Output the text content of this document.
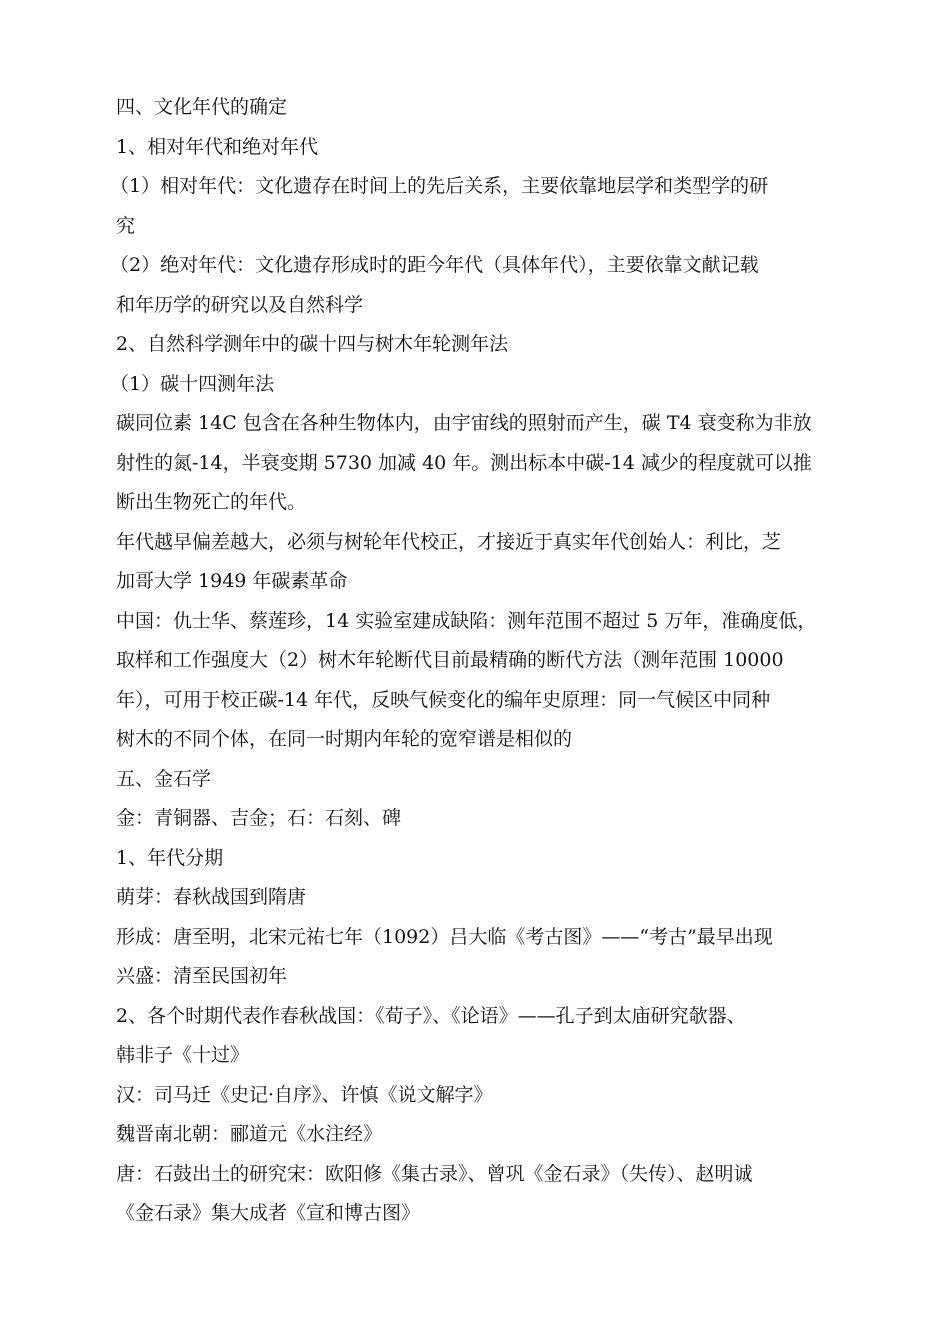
四、文化年代的确定
1、相对年代和绝对年代
（1）相对年代：文化遗存在时间上的先后关系，主要依靠地层学和类型学的研
究
（2）绝对年代：文化遗存形成时的距今年代（具体年代），主要依靠文献记载
和年历学的研究以及自然科学
2、自然科学测年中的碳十四与树木年轮测年法
（1）碳十四测年法
碳同位素 14C 包含在各种生物体内，由宇宙线的照射而产生，碳 T4 衰变称为非放
射性的氮-14，半衰变期 5730 加减 40 年。测出标本中碳-14 减少的程度就可以推
断出生物死亡的年代。
年代越早偏差越大，必须与树轮年代校正，才接近于真实年代创始人：利比，芝
加哥大学 1949 年碳素革命
中国：仇士华、蔡莲珍，14 实验室建成缺陷：测年范围不超过 5 万年，准确度低，
取样和工作强度大（2）树木年轮断代目前最精确的断代方法（测年范围 10000
年），可用于校正碳-14 年代，反映气候变化的编年史原理：同一气候区中同种
树木的不同个体，在同一时期内年轮的宽窄谱是相似的
五、金石学
金：青铜器、吉金；石：石刻、碑
1、年代分期
萌芽：春秋战国到隋唐
形成：唐至明，北宋元祐七年（1092）吕大临《考古图》——“考古”最早出现
兴盛：清至民国初年
2、各个时期代表作春秋战国：《荀子》、《论语》——孔子到太庙研究欹器、
韩非子《十过》
汉：司马迁《史记·自序》、许慎《说文解字》
魏晋南北朝：郦道元《水注经》
唐：石鼓出土的研究宋：欧阳修《集古录》、曾巩《金石录》（失传）、赵明诚
《金石录》集大成者《宣和博古图》
